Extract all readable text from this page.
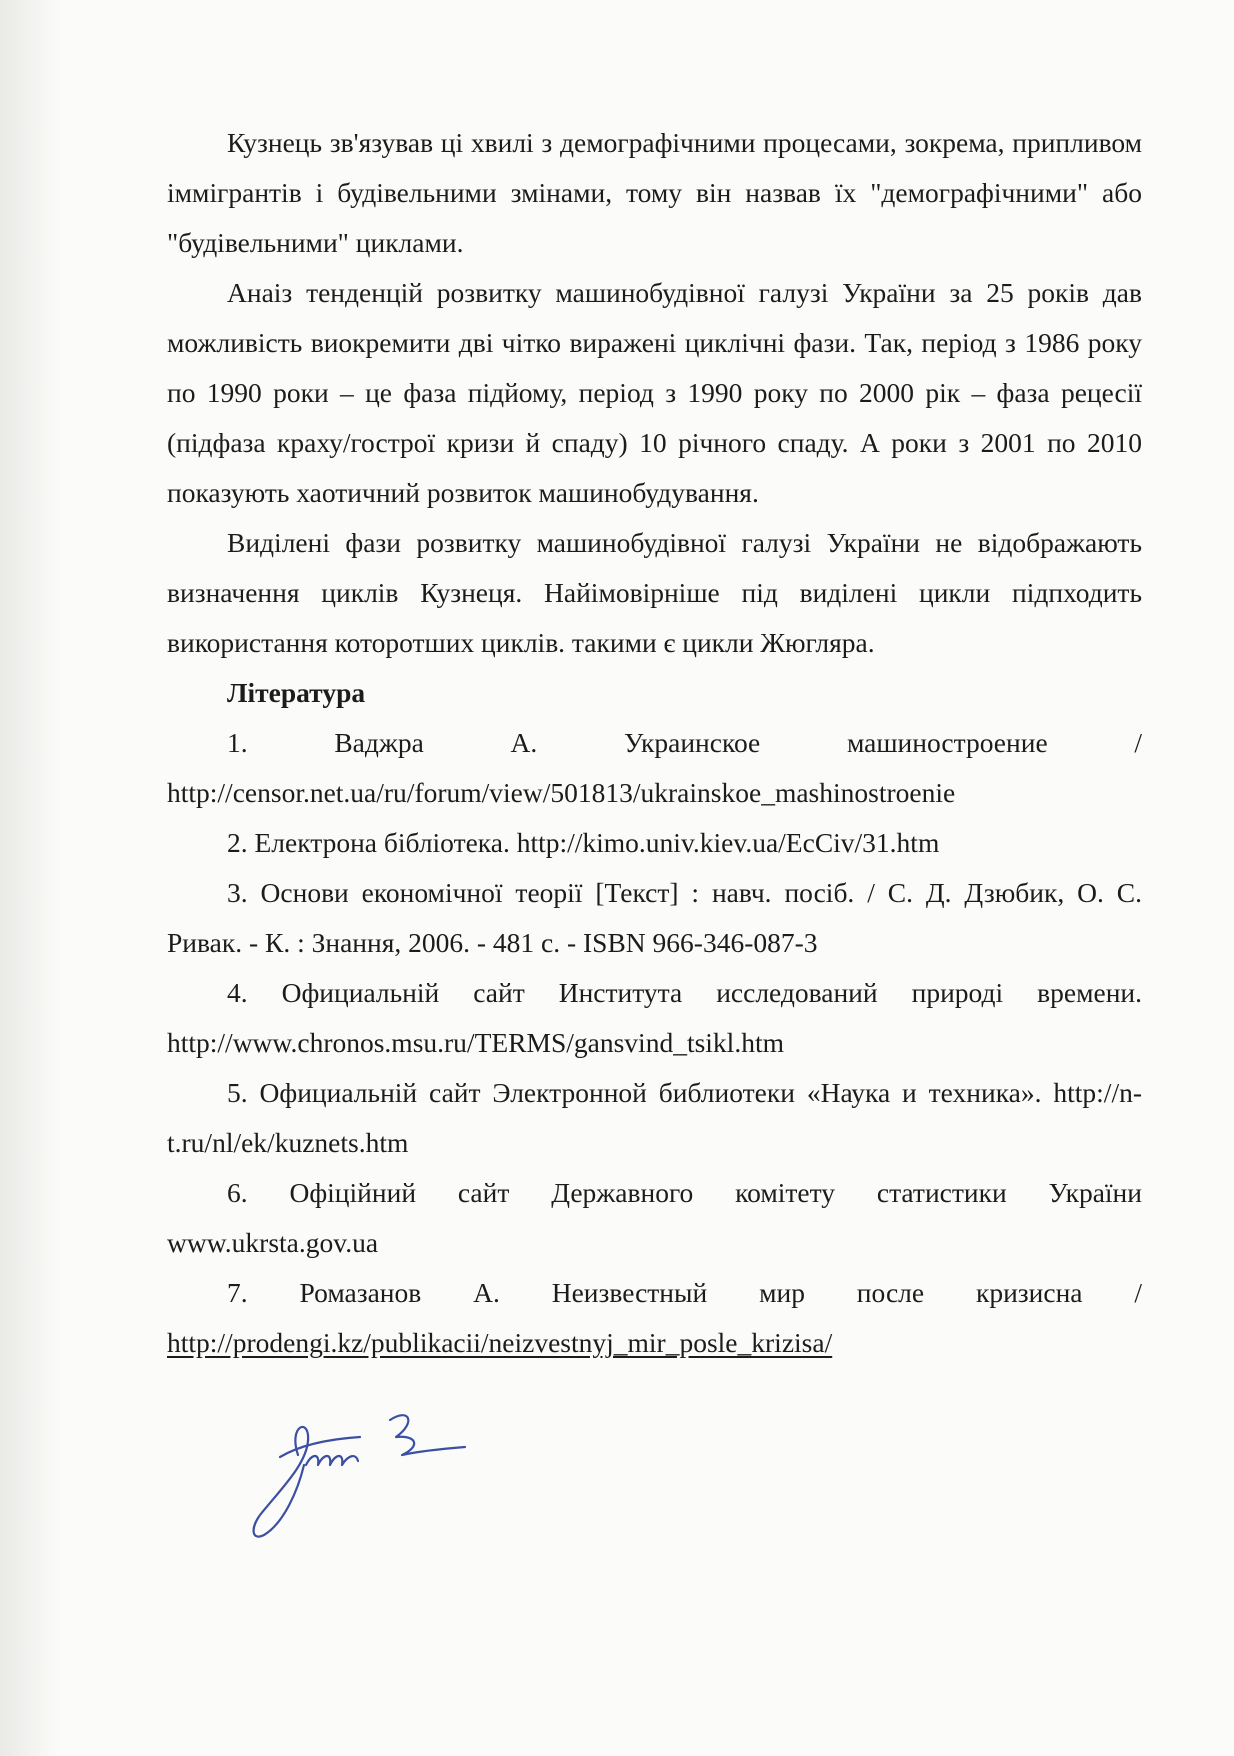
Кузнець зв'язував ці хвилі з демографічними процесами, зокрема, припливом іммігрантів і будівельними змінами, тому він назвав їх "демографічними" або "будівельними" циклами.

Анаіз тенденцій розвитку машинобудівної галузі України за 25 років дав можливість виокремити дві чітко виражені циклічні фази. Так, період з 1986 року по 1990 роки – це фаза підйому, період з 1990 року по 2000 рік – фаза рецесії (підфаза краху/гострої кризи й спаду) 10 річного спаду. А роки з 2001 по 2010 показують хаотичний розвиток машинобудування.

Виділені фази розвитку машинобудівної галузі України не відображають визначення циклів Кузнеця. Найімовірніше під виділені цикли підпходить використання которотших циклів. такими є цикли Жюгляра.

Література

1. Ваджра А. Украинское машиностроение / http://censor.net.ua/ru/forum/view/501813/ukrainskoe_mashinostroenie

2. Електрона бібліотека. http://kimo.univ.kiev.ua/EcCiv/31.htm

3. Основи економічної теорії [Текст] : навч. посіб. / С. Д. Дзюбик, О. С. Ривак. - К. : Знання, 2006. - 481 с. - ISBN 966-346-087-3

4. Официальній сайт Института исследований природі времени. http://www.chronos.msu.ru/TERMS/gansvind_tsikl.htm

5. Официальній сайт Электронной библиотеки «Наука и техника». http://n-t.ru/nl/ek/kuznets.htm

6. Офіційний сайт Державного комітету статистики України www.ukrsta.gov.ua

7. Ромазанов А. Неизвестный мир после кризисна / http://prodengi.kz/publikacii/neizvestnyj_mir_posle_krizisa/
